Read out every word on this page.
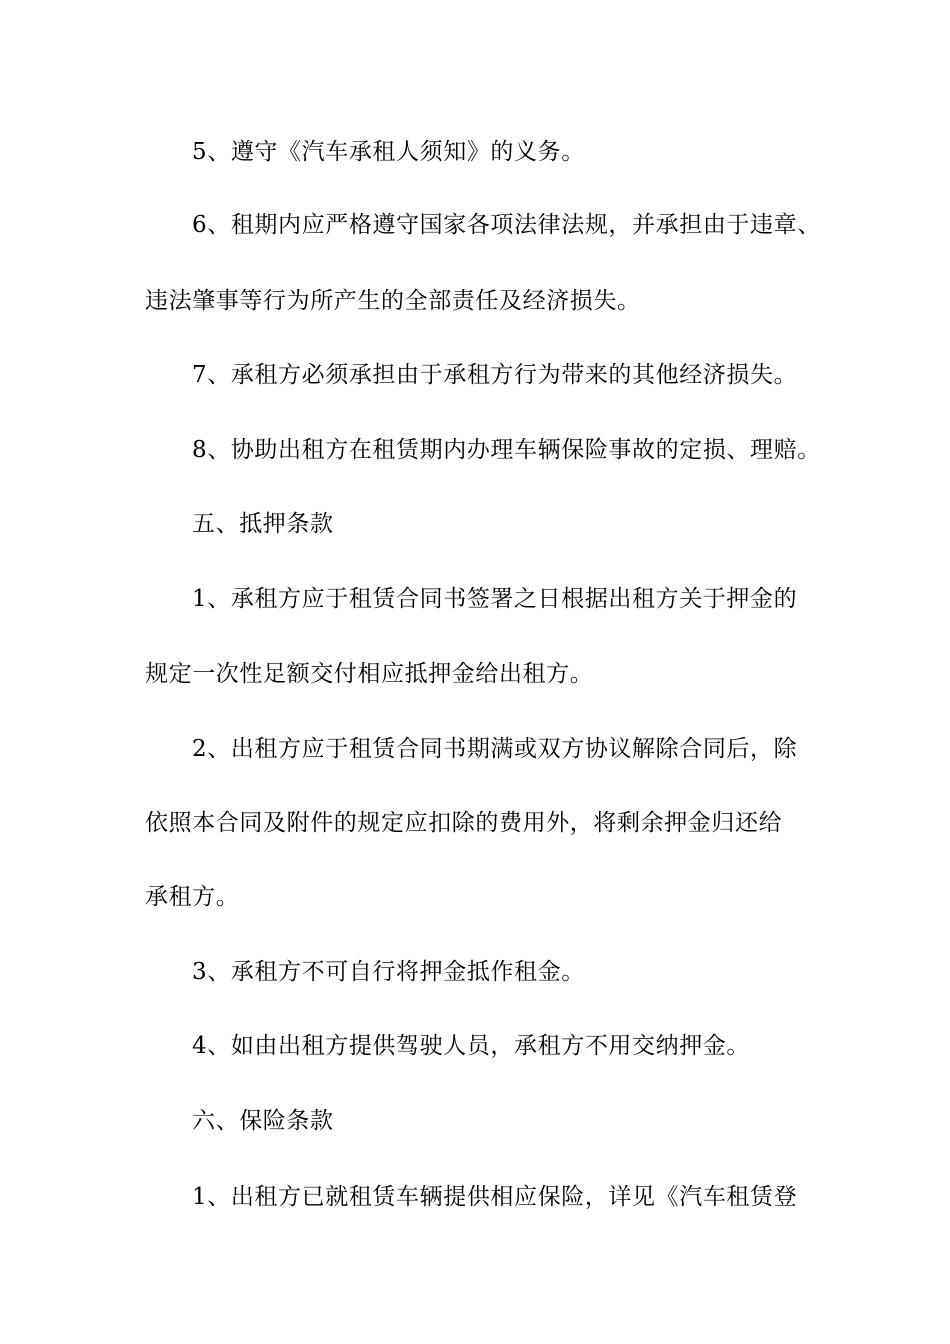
5、遵守《汽车承租人须知》的义务。
6、租期内应严格遵守国家各项法律法规，并承担由于违章、
违法肇事等行为所产生的全部责任及经济损失。
7、承租方必须承担由于承租方行为带来的其他经济损失。
8、协助出租方在租赁期内办理车辆保险事故的定损、理赔。
五、抵押条款
1、承租方应于租赁合同书签署之日根据出租方关于押金的
规定一次性足额交付相应抵押金给出租方。
2、出租方应于租赁合同书期满或双方协议解除合同后，除
依照本合同及附件的规定应扣除的费用外，将剩余押金归还给
承租方。
3、承租方不可自行将押金抵作租金。
4、如由出租方提供驾驶人员，承租方不用交纳押金。
六、保险条款
1、出租方已就租赁车辆提供相应保险，详见《汽车租赁登
